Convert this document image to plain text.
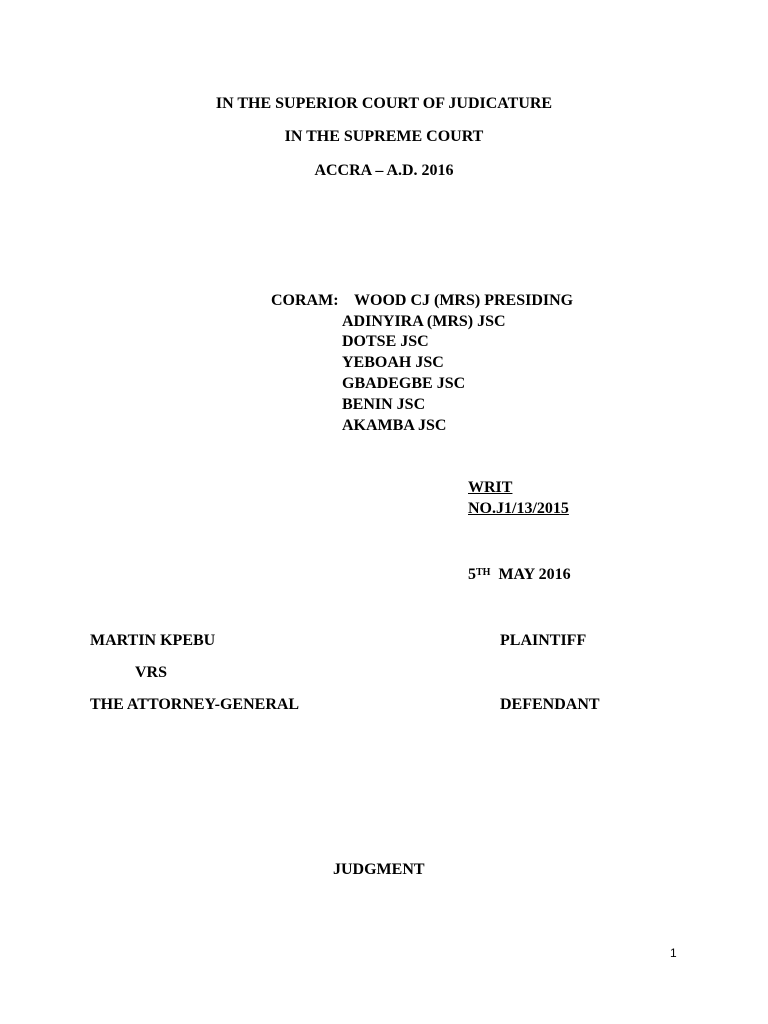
IN THE SUPERIOR COURT OF JUDICATURE
IN THE SUPREME COURT
ACCRA – A.D. 2016
CORAM: WOOD CJ (MRS) PRESIDING
ADINYIRA (MRS) JSC
DOTSE JSC
YEBOAH JSC
GBADEGBE JSC
BENIN JSC
AKAMBA JSC
WRIT
NO.J1/13/2015
5TH MAY 2016
MARTIN KPEBU	PLAINTIFF
VRS
THE ATTORNEY-GENERAL	DEFENDANT
JUDGMENT
1
